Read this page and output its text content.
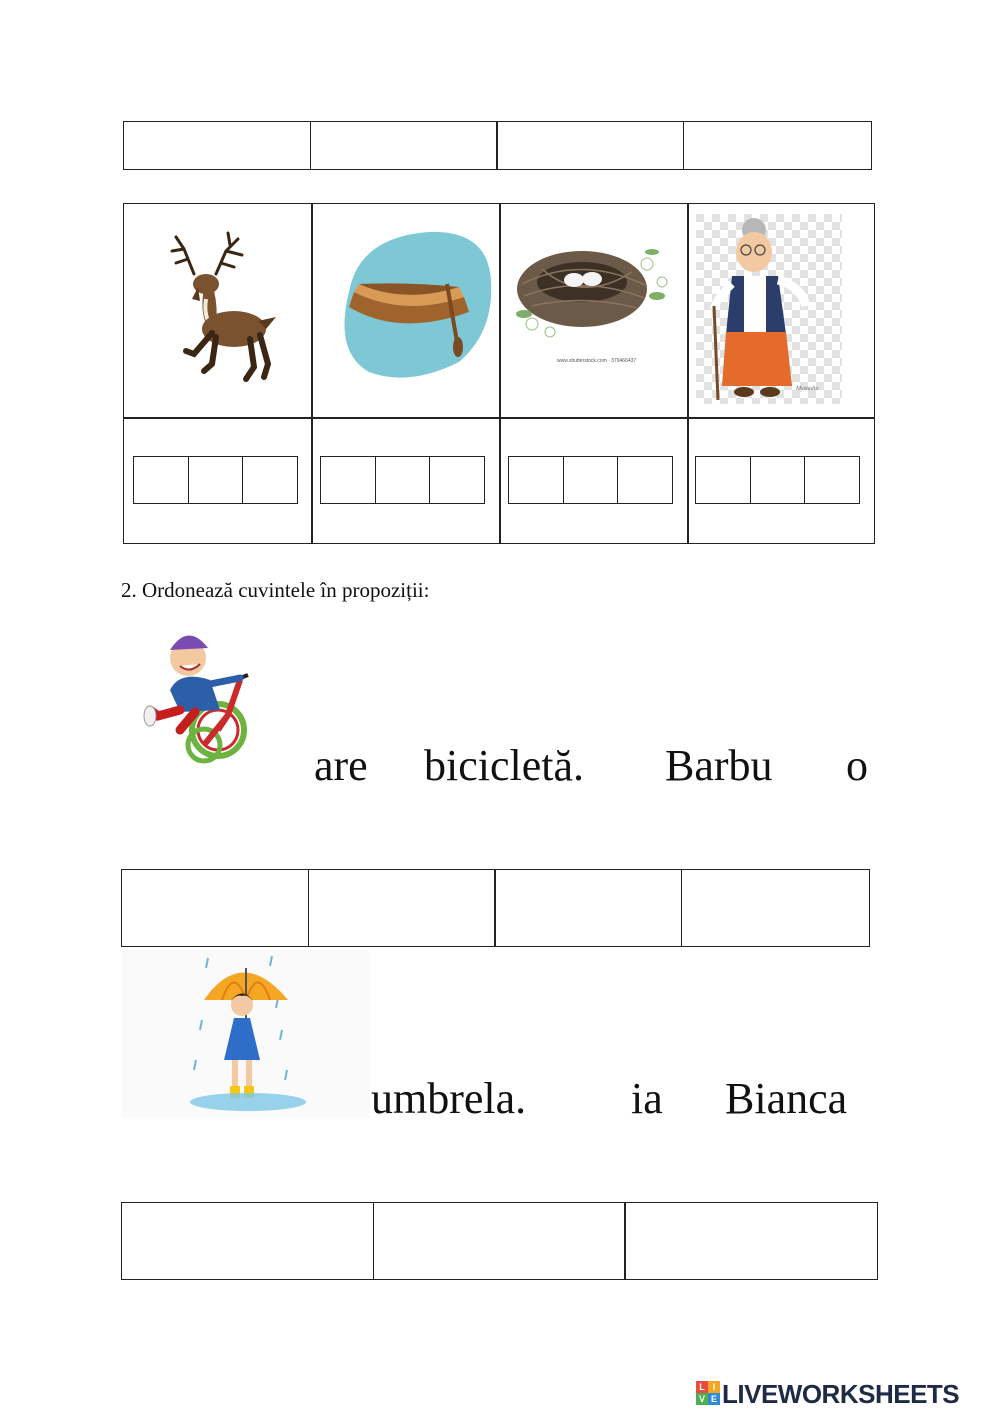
www.shutterstock.com · 379466437
Mystudio
2. Ordonează cuvintele în propoziții:
are bicicletă. Barbu o
umbrela. ia Bianca
L I
V E LIVEWORKSHEETS
